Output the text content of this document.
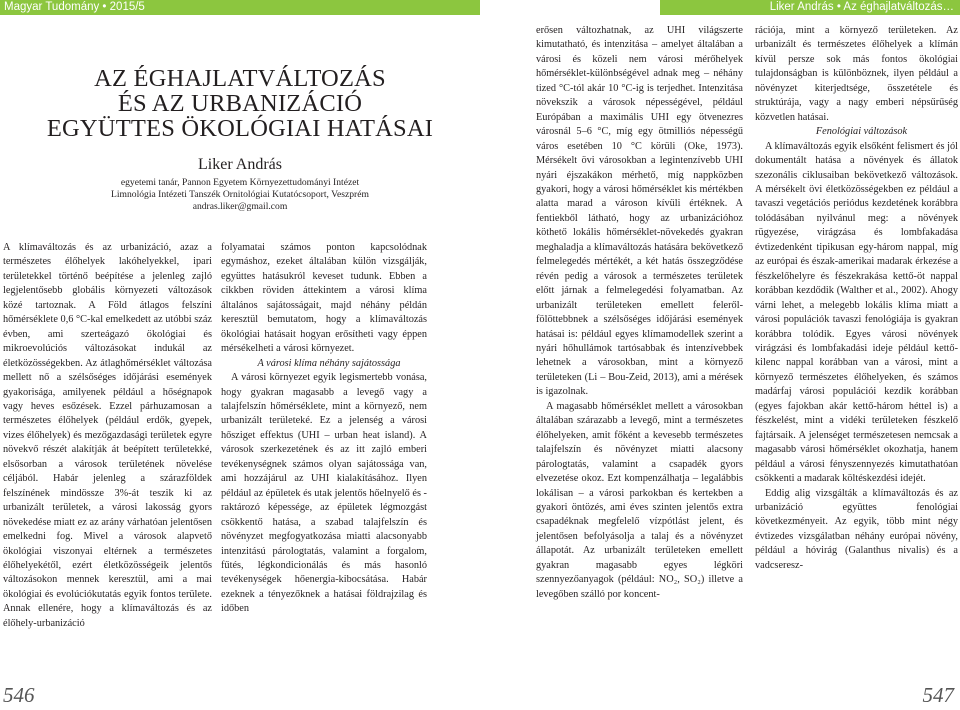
Magyar Tudomány • 2015/5	Liker András • Az éghajlatváltozás…
AZ ÉGHAJLATVÁLTOZÁS
ÉS AZ URBANIZÁCIÓ
EGYÜTTES ÖKOLÓGIAI HATÁSAI
Liker András
egyetemi tanár, Pannon Egyetem Környezettudományi Intézet
Limnológia Intézeti Tanszék Ornitológiai Kutatócsoport, Veszprém
andras.liker@gmail.com

A klímaváltozás és az urbanizáció, azaz a természetes élőhelyek lakóhelyekkel, ipari területekkel történő beépítése a jelenleg zajló legjelentősebb globális környezeti változások közé tartoznak. A Föld átlagos felszíni hőmérséklete 0,6 °C-kal emelkedett az utóbbi száz évben, ami szerteágazó ökológiai és mikroevolúciós változásokat indukál az életközösségekben. Az átlaghőmérséklet változása mellett nő a szélsőséges időjárási események gyakorisága, amilyenek például a hőségnapok vagy heves esőzések. Ezzel párhuzamosan a természetes élőhelyek (például erdők, gyepek, vizes élőhelyek) és mezőgazdasági területek egyre növekvő részét alakítják át beépített területekké, elsősorban a városok területének növelése céljából. Habár jelenleg a szárazföldek felszínének mindössze 3%-át teszik ki az urbanizált területek, a városi lakosság gyors növekedése miatt ez az arány várhatóan jelentősen emelkedni fog. Mivel a városok alapvető ökológiai viszonyai eltérnek a természetes élőhelyekétől, ezért életközösségeik jelentős változásokon mennek keresztül, ami a mai ökológiai és evolúciókutatás egyik fontos területe. Annak ellenére, hogy a klímaváltozás és az élőhely-urbanizáció

folyamatai számos ponton kapcsolódnak egymáshoz, ezeket általában külön vizsgálják, együttes hatásukról keveset tudunk. Ebben a cikkben röviden áttekintem a városi klíma általános sajátosságait, majd néhány példán keresztül bemutatom, hogy a klímaváltozás ökológiai hatásait hogyan erősítheti vagy éppen mérsékelheti a városi környezet.

A városi klíma néhány sajátossága

A városi környezet egyik legismertebb vonása, hogy gyakran magasabb a levegő vagy a talajfelszín hőmérséklete, mint a környező, nem urbanizált területeké. Ez a jelenség a városi hősziget effektus (UHI – urban heat island). A városok szerkezetének és az itt zajló emberi tevékenységnek számos olyan sajátossága van, ami hozzájárul az UHI kialakításához. Ilyen például az épületek és utak jelentős hőelnyelő és -raktározó képessége, az épületek légmozgást csökkentő hatása, a szabad talajfelszín és növényzet megfogyatkozása miatti alacsonyabb intenzitású párologtatás, valamint a forgalom, fűtés, légkondicionálás és más hasonló tevékenységek hőenergia-kibocsátása. Habár ezeknek a tényezőknek a hatásai földrajzilag és időben

erősen változhatnak, az UHI világszerte kimutatható, és intenzitása – amelyet általában a városi és közeli nem városi mérőhelyek hőmérséklet-különbségével adnak meg – néhány tized °C-tól akár 10 °C-ig is terjedhet. Intenzitása növekszik a városok népességével, például Európában a maximális UHI egy ötvenezres városnál 5–6 °C, míg egy ötmilliós népességű város esetében 10 °C körüli (Oke, 1973). Mérsékelt övi városokban a legintenzívebb UHI nyári éjszakákon mérhető, míg nappközben gyakori, hogy a városi hőmérséklet kis mértékben alatta marad a városon kívüli értéknek. A fentiekből látható, hogy az urbanizációhoz köthető lokális hőmérséklet-növekedés gyakran meghaladja a klímaváltozás hatására bekövetkező felmelegedés mértékét, a két hatás összegződése révén pedig a városok a természetes területek előtt járnak a felmelegedési folyamatban. Az urbanizált területeken emellett feleről-fölöttebbnek a szélsőséges időjárási események hatásai is: például egyes klímamodellek szerint a nyári hőhullámok tartósabbak és intenzívebbek lehetnek a városokban, mint a környező területeken (Li – Bou-Zeid, 2013), ami a mérések is igazolnak.

A magasabb hőmérséklet mellett a városokban általában szárazabb a levegő, mint a természetes élőhelyeken, amit főként a kevesebb természetes talajfelszín és növényzet miatti alacsony párologtatás, valamint a csapadék gyors elvezetése okoz. Ezt kompenzálhatja – legalábbis lokálisan – a városi parkokban és kertekben a gyakori öntözés, ami éves szinten jelentős extra csapadéknak megfelelő vízpótlást jelent, és jelentősen befolyásolja a talaj és a növényzet állapotát. Az urbanizált területeken emellett gyakran magasabb egyes légköri szennyezőanyagok (például: NO₂, SO₂) illetve a levegőben szálló por koncent-

rációja, mint a környező területeken. Az urbanizált és természetes élőhelyek a klímán kívül persze sok más fontos ökológiai tulajdonságban is különböznek, ilyen például a növényzet kiterjedtsége, összetétele és struktúrája, vagy a nagy emberi népsűrűség közvetlen hatásai.

Fenológiai változások

A klímaváltozás egyik elsőként felismert és jól dokumentált hatása a növények és állatok szezonális ciklusaiban bekövetkező változások. A mérsékelt övi életközösségekben ez például a tavaszi vegetációs periódus kezdetének korábbra tolódásában nyilvánul meg: a növények rügyezése, virágzása és lombfakadása évtizedenként tipikusan egy-három nappal, míg az európai és észak-amerikai madarak érkezése a fészkelőhelyre és fészekrakása kettő-öt nappal korábban kezdődik (Walther et al., 2002). Ahogy várni lehet, a melegebb lokális klíma miatt a városi populációk tavaszi fenológiája is gyakran korábbra tolódik. Egyes városi növények virágzási és lombfakadási ideje például kettő-kilenc nappal korábban van a városi, mint a környező természetes élőhelyeken, és számos madárfaj városi populációi kezdik korábban (egyes fajokban akár kettő-három héttel is) a fészkelést, mint a vidéki területeken fészkelő fajtársaik. A jelenséget természetesen nemcsak a magasabb városi hőmérséklet okozhatja, hanem például a városi fényszennyezés kimutathatóan csökkenti a madarak költéskezdési idejét.

Eddig alig vizsgálták a klímaváltozás és az urbanizáció együttes fenológiai következményeit. Az egyik, több mint négy évtizedes vizsgálatban néhány európai növény, például a hóvirág (Galanthus nivalis) és a vadcseresz-

546	547
